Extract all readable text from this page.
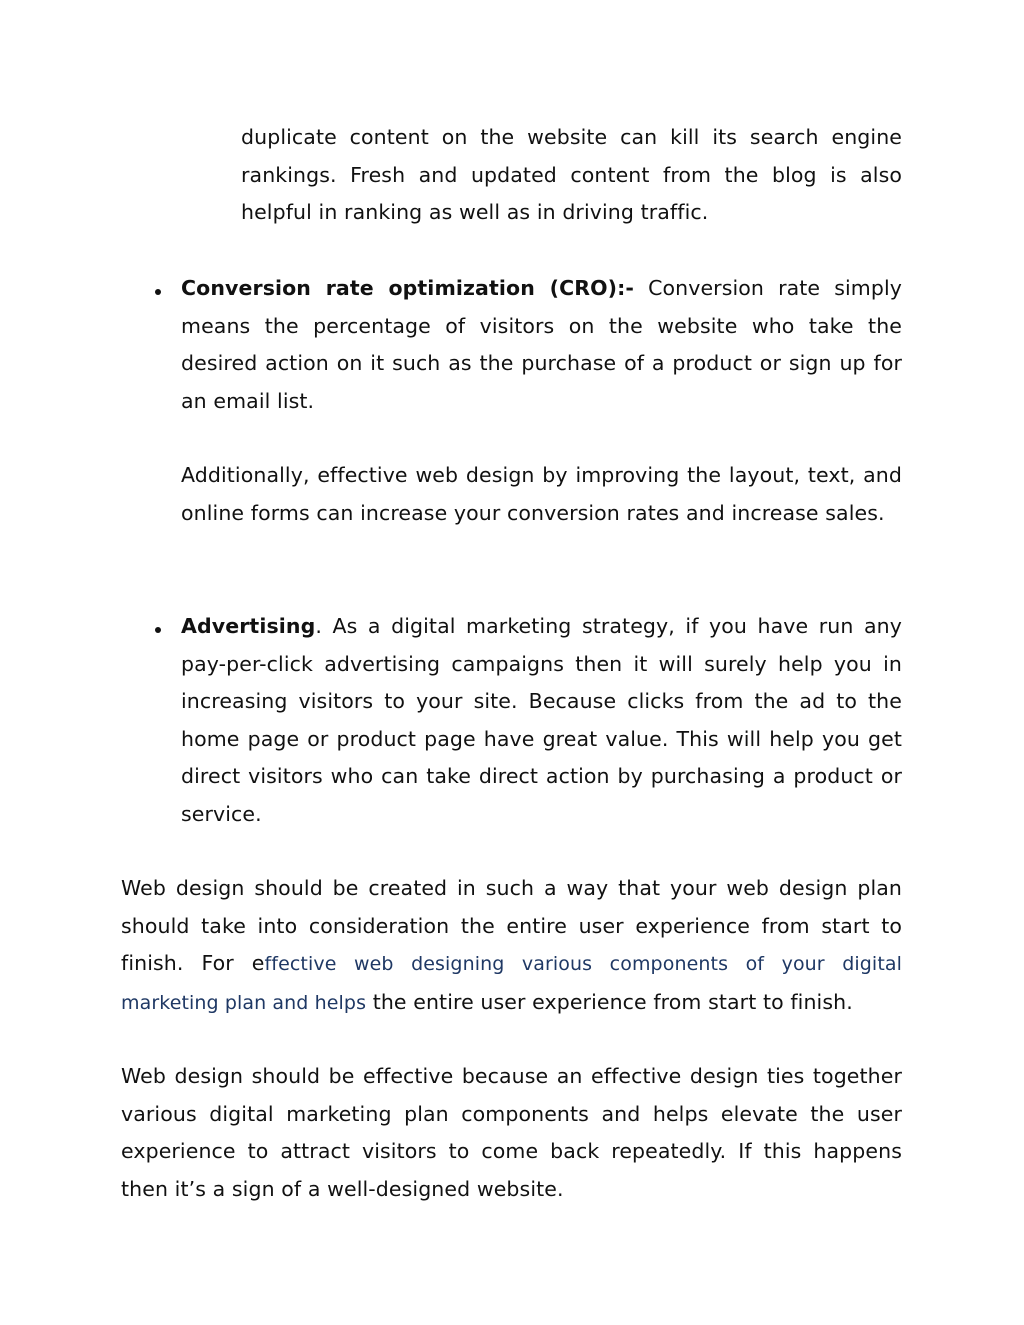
duplicate content on the website can kill its search engine rankings. Fresh and updated content from the blog is also helpful in ranking as well as in driving traffic.

Conversion rate optimization (CRO):- Conversion rate simply means the percentage of visitors on the website who take the desired action on it such as the purchase of a product or sign up for an email list.

Additionally, effective web design by improving the layout, text, and online forms can increase your conversion rates and increase sales.

Advertising. As a digital marketing strategy, if you have run any pay-per-click advertising campaigns then it will surely help you in increasing visitors to your site. Because clicks from the ad to the home page or product page have great value. This will help you get direct visitors who can take direct action by purchasing a product or service.

Web design should be created in such a way that your web design plan should take into consideration the entire user experience from start to finish. For effective web designing various components of your digital marketing plan and helps the entire user experience from start to finish.

Web design should be effective because an effective design ties together various digital marketing plan components and helps elevate the user experience to attract visitors to come back repeatedly. If this happens then it’s a sign of a well-designed website.
